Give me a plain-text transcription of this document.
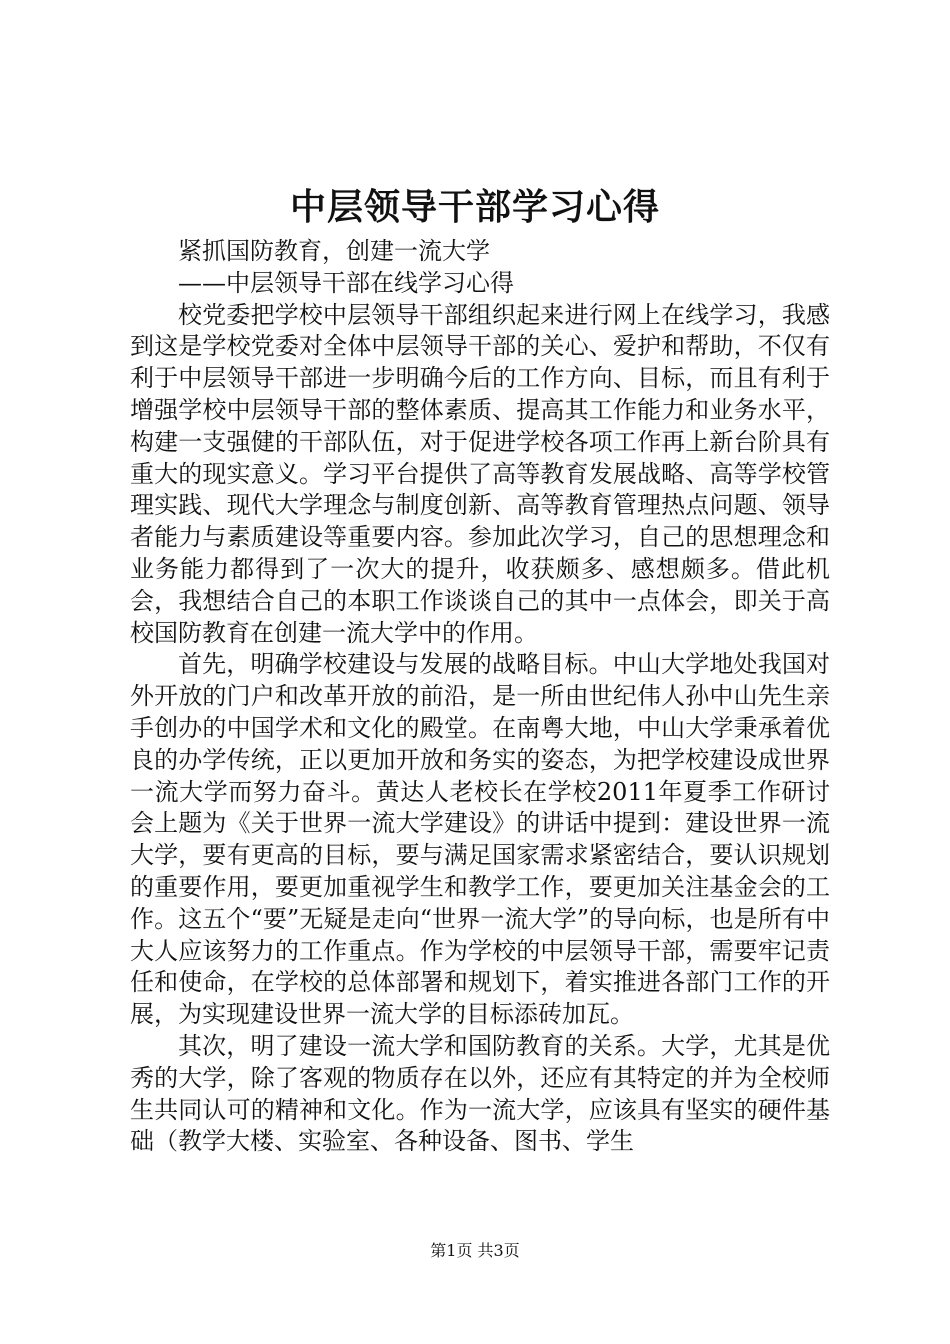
中层领导干部学习心得

紧抓国防教育，创建一流大学

——中层领导干部在线学习心得

校党委把学校中层领导干部组织起来进行网上在线学习，我感到这是学校党委对全体中层领导干部的关心、爱护和帮助，不仅有利于中层领导干部进一步明确今后的工作方向、目标，而且有利于增强学校中层领导干部的整体素质、提高其工作能力和业务水平，构建一支强健的干部队伍，对于促进学校各项工作再上新台阶具有重大的现实意义。学习平台提供了高等教育发展战略、高等学校管理实践、现代大学理念与制度创新、高等教育管理热点问题、领导者能力与素质建设等重要内容。参加此次学习，自己的思想理念和业务能力都得到了一次大的提升，收获颇多、感想颇多。借此机会，我想结合自己的本职工作谈谈自己的其中一点体会，即关于高校国防教育在创建一流大学中的作用。

首先，明确学校建设与发展的战略目标。中山大学地处我国对外开放的门户和改革开放的前沿，是一所由世纪伟人孙中山先生亲手创办的中国学术和文化的殿堂。在南粤大地，中山大学秉承着优良的办学传统，正以更加开放和务实的姿态，为把学校建设成世界一流大学而努力奋斗。黄达人老校长在学校2011年夏季工作研讨会上题为《关于世界一流大学建设》的讲话中提到：建设世界一流大学，要有更高的目标，要与满足国家需求紧密结合，要认识规划的重要作用，要更加重视学生和教学工作，要更加关注基金会的工作。这五个“要”无疑是走向“世界一流大学”的导向标，也是所有中大人应该努力的工作重点。作为学校的中层领导干部，需要牢记责任和使命，在学校的总体部署和规划下，着实推进各部门工作的开展，为实现建设世界一流大学的目标添砖加瓦。

其次，明了建设一流大学和国防教育的关系。大学，尤其是优秀的大学，除了客观的物质存在以外，还应有其特定的并为全校师生共同认可的精神和文化。作为一流大学，应该具有坚实的硬件基础（教学大楼、实验室、各种设备、图书、学生

第1页 共3页
